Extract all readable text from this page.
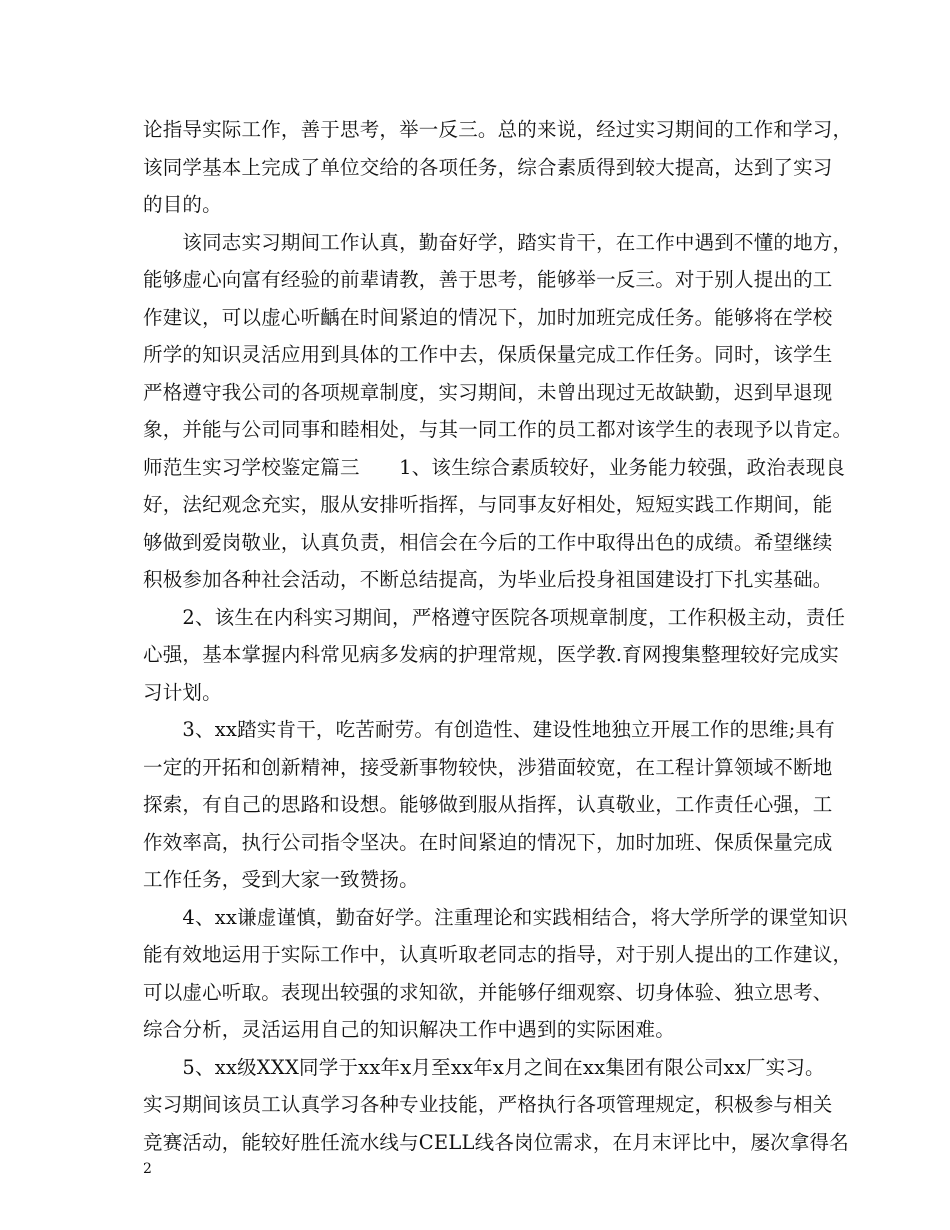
论指导实际工作，善于思考，举一反三。总的来说，经过实习期间的工作和学习，
该同学基本上完成了单位交给的各项任务，综合素质得到较大提高，达到了实习
的目的。
　　该同志实习期间工作认真，勤奋好学，踏实肯干，在工作中遇到不懂的地方，
能够虚心向富有经验的前辈请教，善于思考，能够举一反三。对于别人提出的工
作建议，可以虚心听齲在时间紧迫的情况下，加时加班完成任务。能够将在学校
所学的知识灵活应用到具体的工作中去，保质保量完成工作任务。同时，该学生
严格遵守我公司的各项规章制度，实习期间，未曾出现过无故缺勤，迟到早退现
象，并能与公司同事和睦相处，与其一同工作的员工都对该学生的表现予以肯定。
师范生实习学校鉴定篇三　　1、该生综合素质较好，业务能力较强，政治表现良
好，法纪观念充实，服从安排听指挥，与同事友好相处，短短实践工作期间，能
够做到爱岗敬业，认真负责，相信会在今后的工作中取得出色的成绩。希望继续
积极参加各种社会活动，不断总结提高，为毕业后投身祖国建设打下扎实基础。
　　2、该生在内科实习期间，严格遵守医院各项规章制度，工作积极主动，责任
心强，基本掌握内科常见病多发病的护理常规，医学教.育网搜集整理较好完成实
习计划。
　　3、xx踏实肯干，吃苦耐劳。有创造性、建设性地独立开展工作的思维;具有
一定的开拓和创新精神，接受新事物较快，涉猎面较宽，在工程计算领域不断地
探索，有自己的思路和设想。能够做到服从指挥，认真敬业，工作责任心强，工
作效率高，执行公司指令坚决。在时间紧迫的情况下，加时加班、保质保量完成
工作任务，受到大家一致赞扬。
　　4、xx谦虚谨慎，勤奋好学。注重理论和实践相结合，将大学所学的课堂知识
能有效地运用于实际工作中，认真听取老同志的指导，对于别人提出的工作建议，
可以虚心听取。表现出较强的求知欲，并能够仔细观察、切身体验、独立思考、
综合分析，灵活运用自己的知识解决工作中遇到的实际困难。
　　5、xx级XXX同学于xx年x月至xx年x月之间在xx集团有限公司xx厂实习。
实习期间该员工认真学习各种专业技能，严格执行各项管理规定，积极参与相关
竞赛活动，能较好胜任流水线与CELL线各岗位需求，在月末评比中，屡次拿得名
2
